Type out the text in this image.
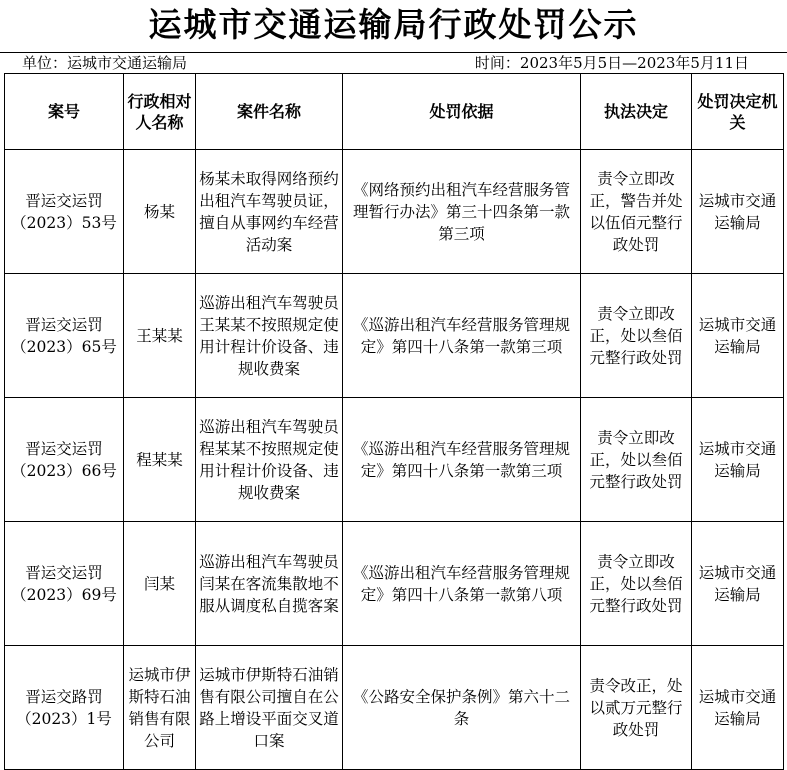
运城市交通运输局行政处罚公示
单位：运城市交通运输局	时间：2023年5月5日—2023年5月11日
案号	行政相对人名称	案件名称	处罚依据	执法决定	处罚决定机关
晋运交运罚（2023）53号	杨某	杨某未取得网络预约出租汽车驾驶员证，擅自从事网约车经营活动案	《网络预约出租汽车经营服务管理暂行办法》第三十四条第一款第三项	责令立即改正，警告并处以伍佰元整行政处罚	运城市交通运输局
晋运交运罚（2023）65号	王某某	巡游出租汽车驾驶员王某某不按照规定使用计程计价设备、违规收费案	《巡游出租汽车经营服务管理规定》第四十八条第一款第三项	责令立即改正，处以叁佰元整行政处罚	运城市交通运输局
晋运交运罚（2023）66号	程某某	巡游出租汽车驾驶员程某某不按照规定使用计程计价设备、违规收费案	《巡游出租汽车经营服务管理规定》第四十八条第一款第三项	责令立即改正，处以叁佰元整行政处罚	运城市交通运输局
晋运交运罚（2023）69号	闫某	巡游出租汽车驾驶员闫某在客流集散地不服从调度私自揽客案	《巡游出租汽车经营服务管理规定》第四十八条第一款第八项	责令立即改正，处以叁佰元整行政处罚	运城市交通运输局
晋运交路罚（2023）1号	运城市伊斯特石油销售有限公司	运城市伊斯特石油销售有限公司擅自在公路上增设平面交叉道口案	《公路安全保护条例》第六十二条	责令改正，处以贰万元整行政处罚	运城市交通运输局
